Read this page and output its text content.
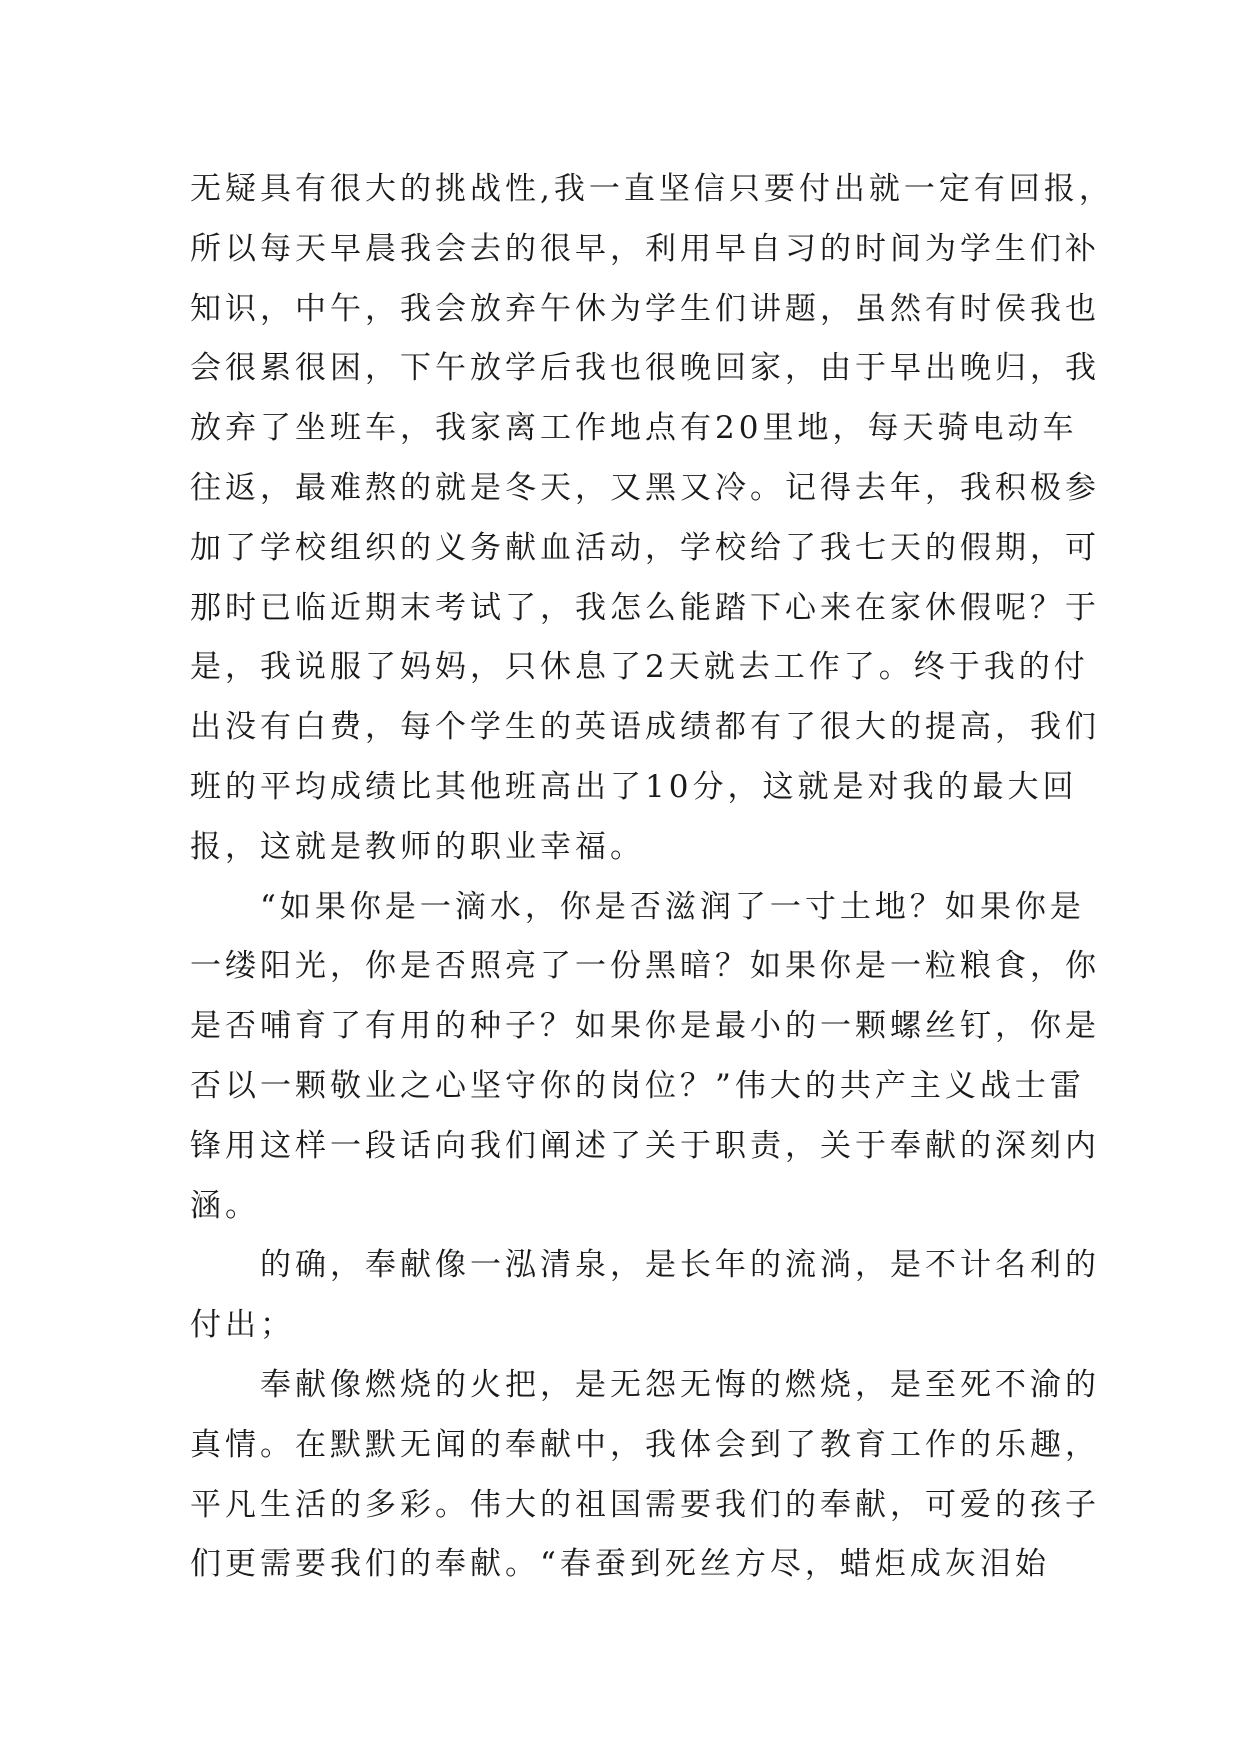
无疑具有很大的挑战性,我一直坚信只要付出就一定有回报，
所以每天早晨我会去的很早，利用早自习的时间为学生们补
知识，中午，我会放弃午休为学生们讲题，虽然有时侯我也
会很累很困，下午放学后我也很晚回家，由于早出晚归，我
放弃了坐班车，我家离工作地点有20里地，每天骑电动车
往返，最难熬的就是冬天，又黑又冷。记得去年，我积极参
加了学校组织的义务献血活动，学校给了我七天的假期，可
那时已临近期末考试了，我怎么能踏下心来在家休假呢？于
是，我说服了妈妈，只休息了2天就去工作了。终于我的付
出没有白费，每个学生的英语成绩都有了很大的提高，我们
班的平均成绩比其他班高出了10分，这就是对我的最大回
报，这就是教师的职业幸福。
　　“如果你是一滴水，你是否滋润了一寸土地？如果你是
一缕阳光，你是否照亮了一份黑暗？如果你是一粒粮食，你
是否哺育了有用的种子？如果你是最小的一颗螺丝钉，你是
否以一颗敬业之心坚守你的岗位？”伟大的共产主义战士雷
锋用这样一段话向我们阐述了关于职责，关于奉献的深刻内
涵。
　　的确，奉献像一泓清泉，是长年的流淌，是不计名利的
付出；
　　奉献像燃烧的火把，是无怨无悔的燃烧，是至死不渝的
真情。在默默无闻的奉献中，我体会到了教育工作的乐趣，
平凡生活的多彩。伟大的祖国需要我们的奉献，可爱的孩子
们更需要我们的奉献。“春蚕到死丝方尽，蜡炬成灰泪始
